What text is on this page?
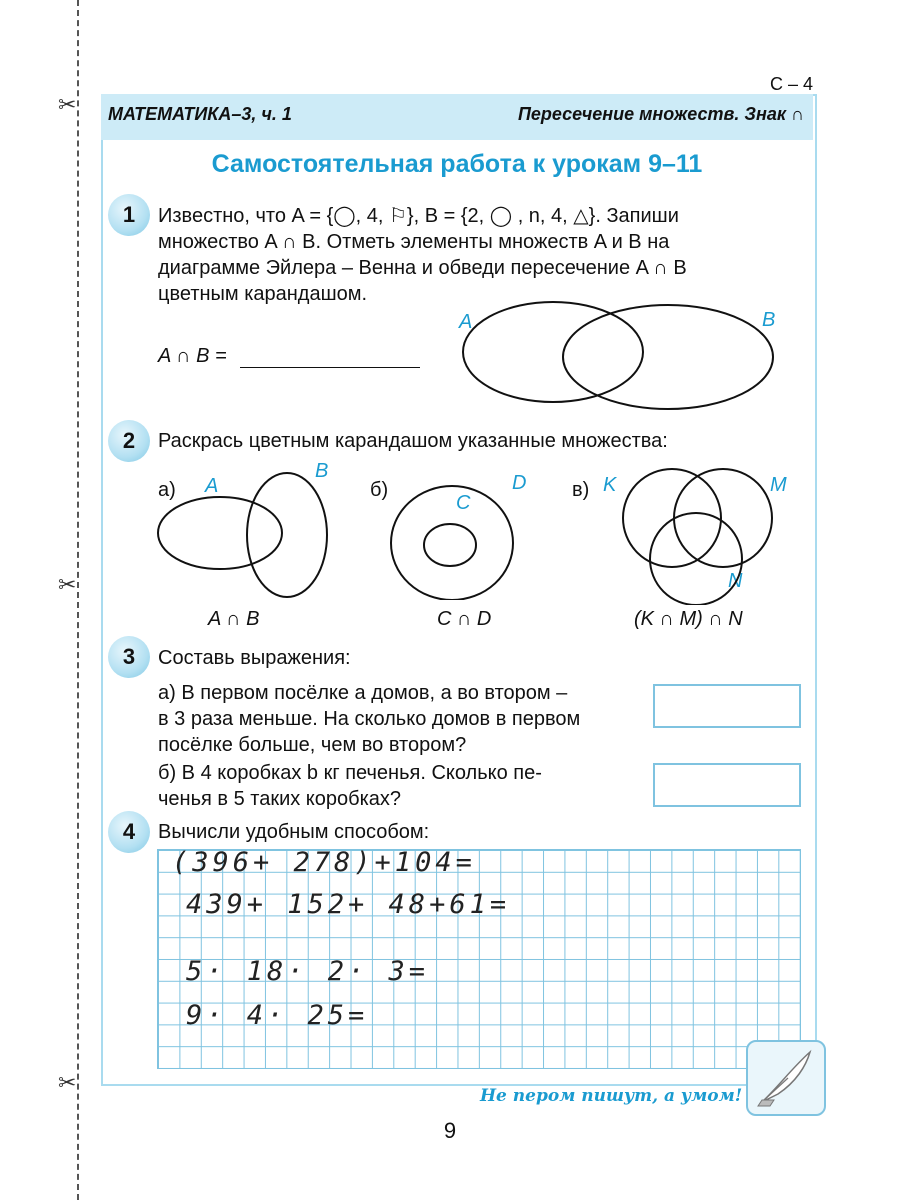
✂
✂
✂
С – 4
МАТЕМАТИКА–3, ч. 1	Пересечение множеств. Знак ∩
Самостоятельная работа к урокам 9–11
1	Известно, что A = {◯, 4, ⚐}, B = {2, ◯ , n, 4, △}. Запиши
множество A ∩ B. Отметь элементы множеств A и B на
диаграмме Эйлера – Венна и обведи пересечение A ∩ B
цветным карандашом.
A ∩ B =
A	B
2	Раскрась цветным карандашом указанные множества:
а) A
B
б)	D
C
в) K	M
N
A ∩ B	C ∩ D	(K ∩ M) ∩ N
3	Составь выражения:
а) В первом посёлке a домов, а во втором –
в 3 раза меньше. На сколько домов в первом
посёлке больше, чем во втором?
б) В 4 коробках b кг печенья. Сколько пе-
ченья в 5 таких коробках?
4	Вычисли удобным способом:
(396+ 278)+104=
439+ 152+ 48+61=
5· 18· 2· 3=
9· 4· 25=
Не пером пишут, а умом!
9
